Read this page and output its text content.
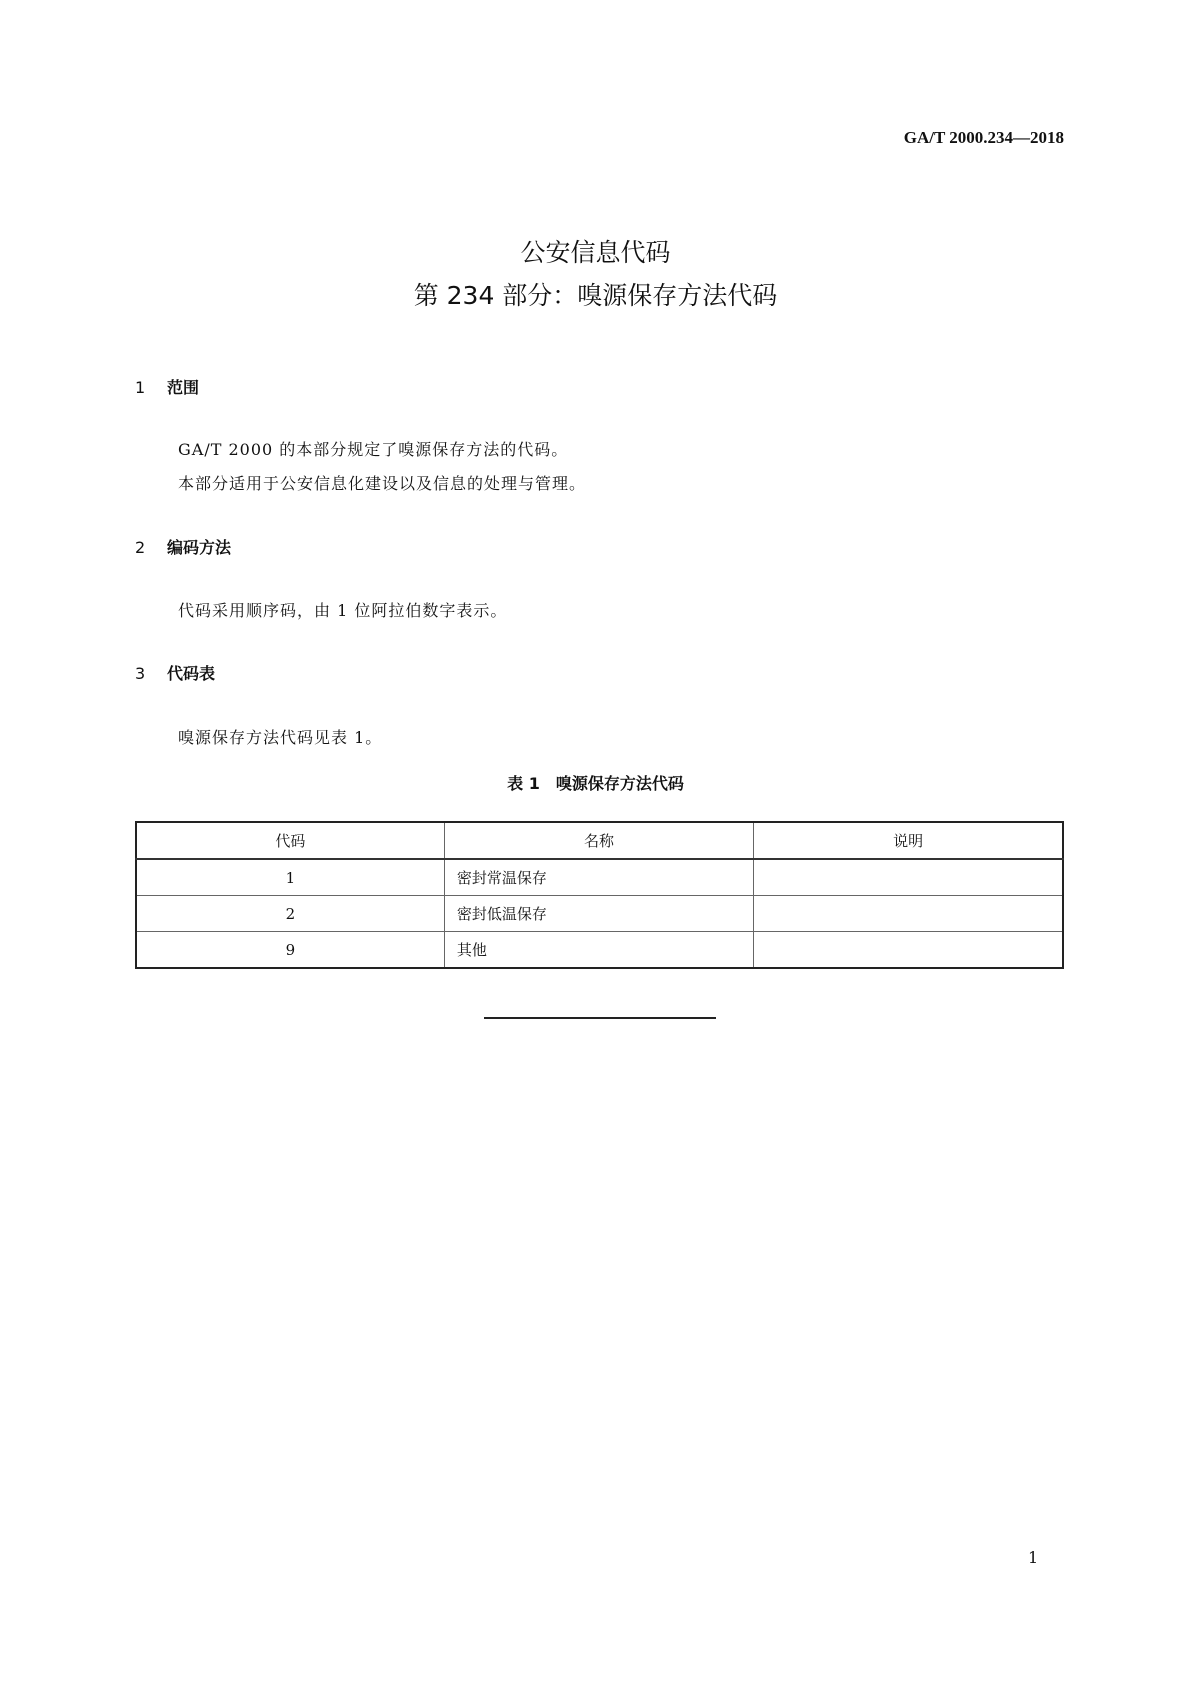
GA/T 2000.234—2018
公安信息代码
第 234 部分：嗅源保存方法代码
1 范围
GA/T 2000 的本部分规定了嗅源保存方法的代码。
本部分适用于公安信息化建设以及信息的处理与管理。
2 编码方法
代码采用顺序码，由 1 位阿拉伯数字表示。
3 代码表
嗅源保存方法代码见表 1。
表 1　嗅源保存方法代码
代码	名称	说明
1	密封常温保存	
2	密封低温保存	
9	其他	
1
